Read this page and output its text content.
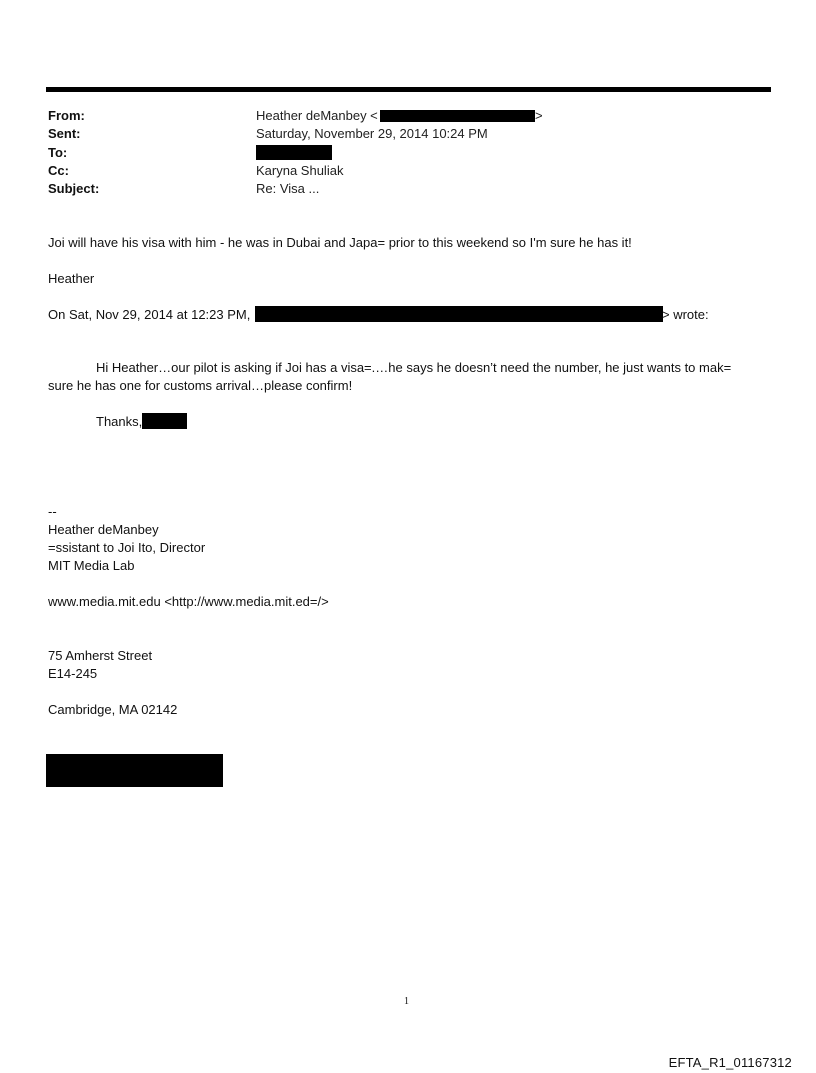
From:	Heather deManbey <	>
Sent:	Saturday, November 29, 2014 10:24 PM
To:
Cc:	Karyna Shuliak
Subject:	Re: Visa ...
Joi will have his visa with him - he was in Dubai and Japa= prior to this weekend so I'm sure he has it!
Heather
On Sat, Nov 29, 2014 at 12:23 PM,	> wrote:
Hi Heather…our pilot is asking if Joi has a visa=.…he says he doesn’t need the number, he just wants to mak=
sure he has one for customs arrival…please confirm!
Thanks,
--
Heather deManbey
=ssistant to Joi Ito, Director
MIT Media Lab
www.media.mit.edu <http://www.media.mit.ed=/>
75 Amherst Street
E14-245
Cambridge, MA 02142
1
EFTA_R1_01167312
